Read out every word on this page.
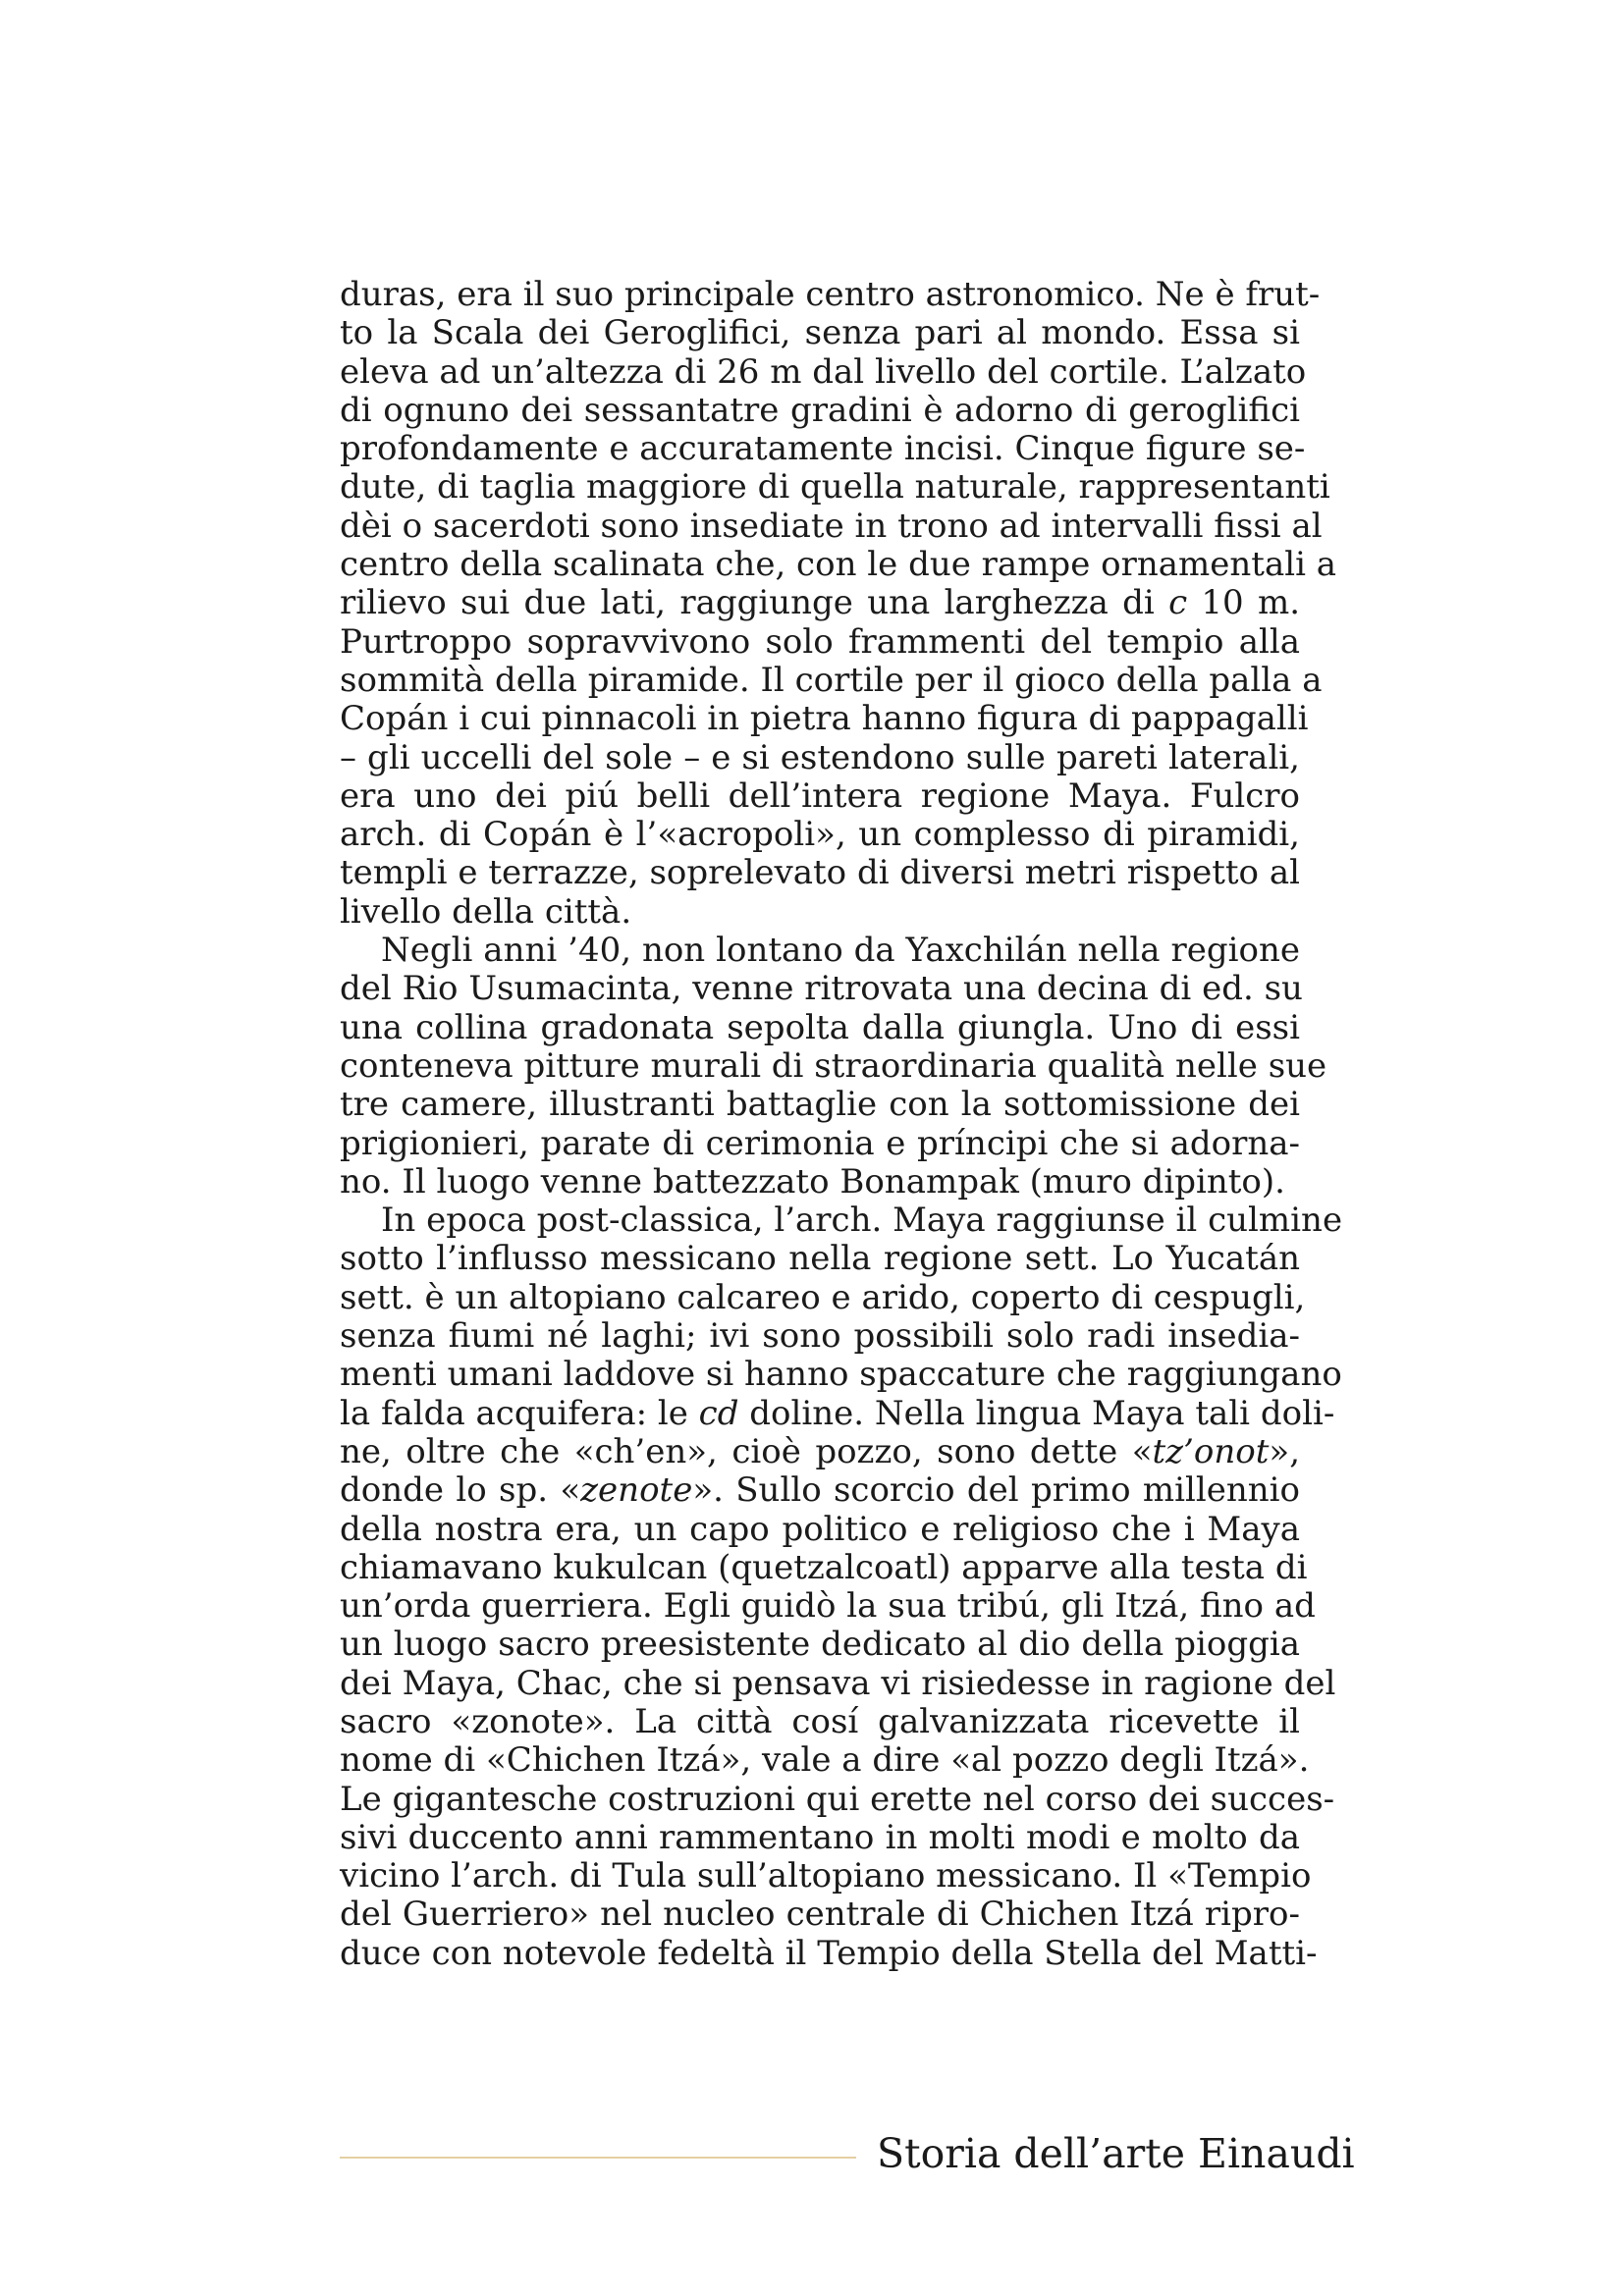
duras, era il suo principale centro astronomico. Ne è frut-
to la Scala dei Geroglifici, senza pari al mondo. Essa si
eleva ad un’altezza di 26 m dal livello del cortile. L’alzato
di ognuno dei sessantatre gradini è adorno di geroglifici
profondamente e accuratamente incisi. Cinque figure se-
dute, di taglia maggiore di quella naturale, rappresentanti
dèi o sacerdoti sono insediate in trono ad intervalli fissi al
centro della scalinata che, con le due rampe ornamentali a
rilievo sui due lati, raggiunge una larghezza di c 10 m.
Purtroppo sopravvivono solo frammenti del tempio alla
sommità della piramide. Il cortile per il gioco della palla a
Copán i cui pinnacoli in pietra hanno figura di pappagalli
– gli uccelli del sole – e si estendono sulle pareti laterali,
era uno dei piú belli dell’intera regione Maya. Fulcro
arch. di Copán è l’«acropoli», un complesso di piramidi,
templi e terrazze, soprelevato di diversi metri rispetto al
livello della città.
Negli anni ’40, non lontano da Yaxchilán nella regione
del Rio Usumacinta, venne ritrovata una decina di ed. su
una collina gradonata sepolta dalla giungla. Uno di essi
conteneva pitture murali di straordinaria qualità nelle sue
tre camere, illustranti battaglie con la sottomissione dei
prigionieri, parate di cerimonia e príncipi che si adorna-
no. Il luogo venne battezzato Bonampak (muro dipinto).
In epoca post-classica, l’arch. Maya raggiunse il culmine
sotto l’influsso messicano nella regione sett. Lo Yucatán
sett. è un altopiano calcareo e arido, coperto di cespugli,
senza fiumi né laghi; ivi sono possibili solo radi insedia-
menti umani laddove si hanno spaccature che raggiungano
la falda acquifera: le cd doline. Nella lingua Maya tali doli-
ne, oltre che «ch’en», cioè pozzo, sono dette «tz’onot»,
donde lo sp. «zenote». Sullo scorcio del primo millennio
della nostra era, un capo politico e religioso che i Maya
chiamavano kukulcan (quetzalcoatl) apparve alla testa di
un’orda guerriera. Egli guidò la sua tribú, gli Itzá, fino ad
un luogo sacro preesistente dedicato al dio della pioggia
dei Maya, Chac, che si pensava vi risiedesse in ragione del
sacro «zonote». La città cosí galvanizzata ricevette il
nome di «Chichen Itzá», vale a dire «al pozzo degli Itzá».
Le gigantesche costruzioni qui erette nel corso dei succes-
sivi duccento anni rammentano in molti modi e molto da
vicino l’arch. di Tula sull’altopiano messicano. Il «Tempio
del Guerriero» nel nucleo centrale di Chichen Itzá ripro-
duce con notevole fedeltà il Tempio della Stella del Matti-
Storia dell’arte Einaudi
